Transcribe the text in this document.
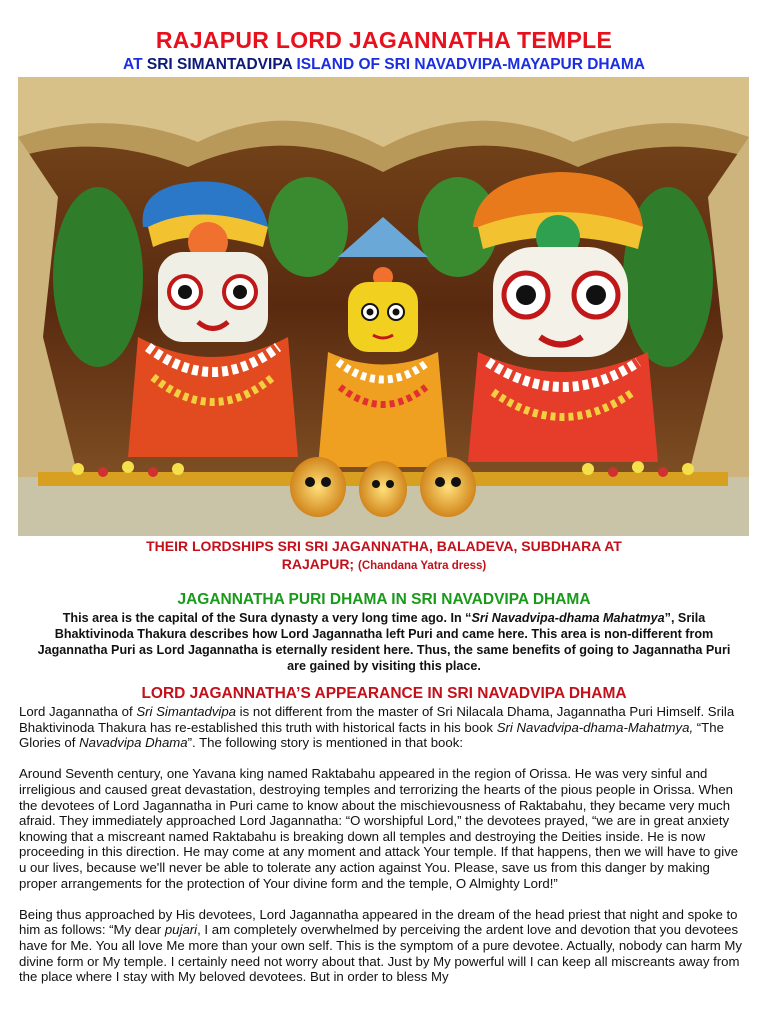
RAJAPUR LORD JAGANNATHA TEMPLE
AT SRI SIMANTADVIPA ISLAND OF SRI NAVADVIPA-MAYAPUR DHAMA
THEIR LORDSHIPS SRI SRI JAGANNATHA, BALADEVA, SUBDHARA AT
RAJAPUR; (Chandana Yatra dress)
JAGANNATHA PURI DHAMA IN SRI NAVADVIPA DHAMA
This area is the capital of the Sura dynasty a very long time ago. In “Sri Navadvipa-dhama Mahatmya”, Srila Bhaktivinoda Thakura describes how Lord Jagannatha left Puri and came here. This area is non-different from Jagannatha Puri as Lord Jagannatha is eternally resident here. Thus, the same benefits of going to Jagannatha Puri are gained by visiting this place.
LORD JAGANNATHA’S APPEARANCE IN SRI NAVADVIPA DHAMA

Lord Jagannatha of Sri Simantadvipa is not different from the master of Sri Nilacala Dhama, Jagannatha Puri Himself. Srila Bhaktivinoda Thakura has re-established this truth with historical facts in his book Sri Navadvipa-dhama-Mahatmya, “The Glories of Navadvipa Dhama”. The following story is mentioned in that book:

Around Seventh century, one Yavana king named Raktabahu appeared in the region of Orissa. He was very sinful and irreligious and caused great devastation, destroying temples and terrorizing the hearts of the pious people in Orissa. When the devotees of Lord Jagannatha in Puri came to know about the mischievousness of Raktabahu, they became very much afraid. They immediately approached Lord Jagannatha: “O worshipful Lord,” the devotees prayed, “we are in great anxiety knowing that a miscreant named Raktabahu is breaking down all temples and destroying the Deities inside. He is now proceeding in this direction. He may come at any moment and attack Your temple. If that happens, then we will have to give u our lives, because we'll never be able to tolerate any action against You. Please, save us from this danger by making proper arrangements for the protection of Your divine form and the temple, O Almighty Lord!”

Being thus approached by His devotees, Lord Jagannatha appeared in the dream of the head priest that night and spoke to him as follows: “My dear pujari, I am completely overwhelmed by perceiving the ardent love and devotion that you devotees have for Me. You all love Me more than your own self. This is the symptom of a pure devotee. Actually, nobody can harm My divine form or My temple. I certainly need not worry about that. Just by My powerful will I can keep all miscreants away from the place where I stay with My beloved devotees. But in order to bless My
